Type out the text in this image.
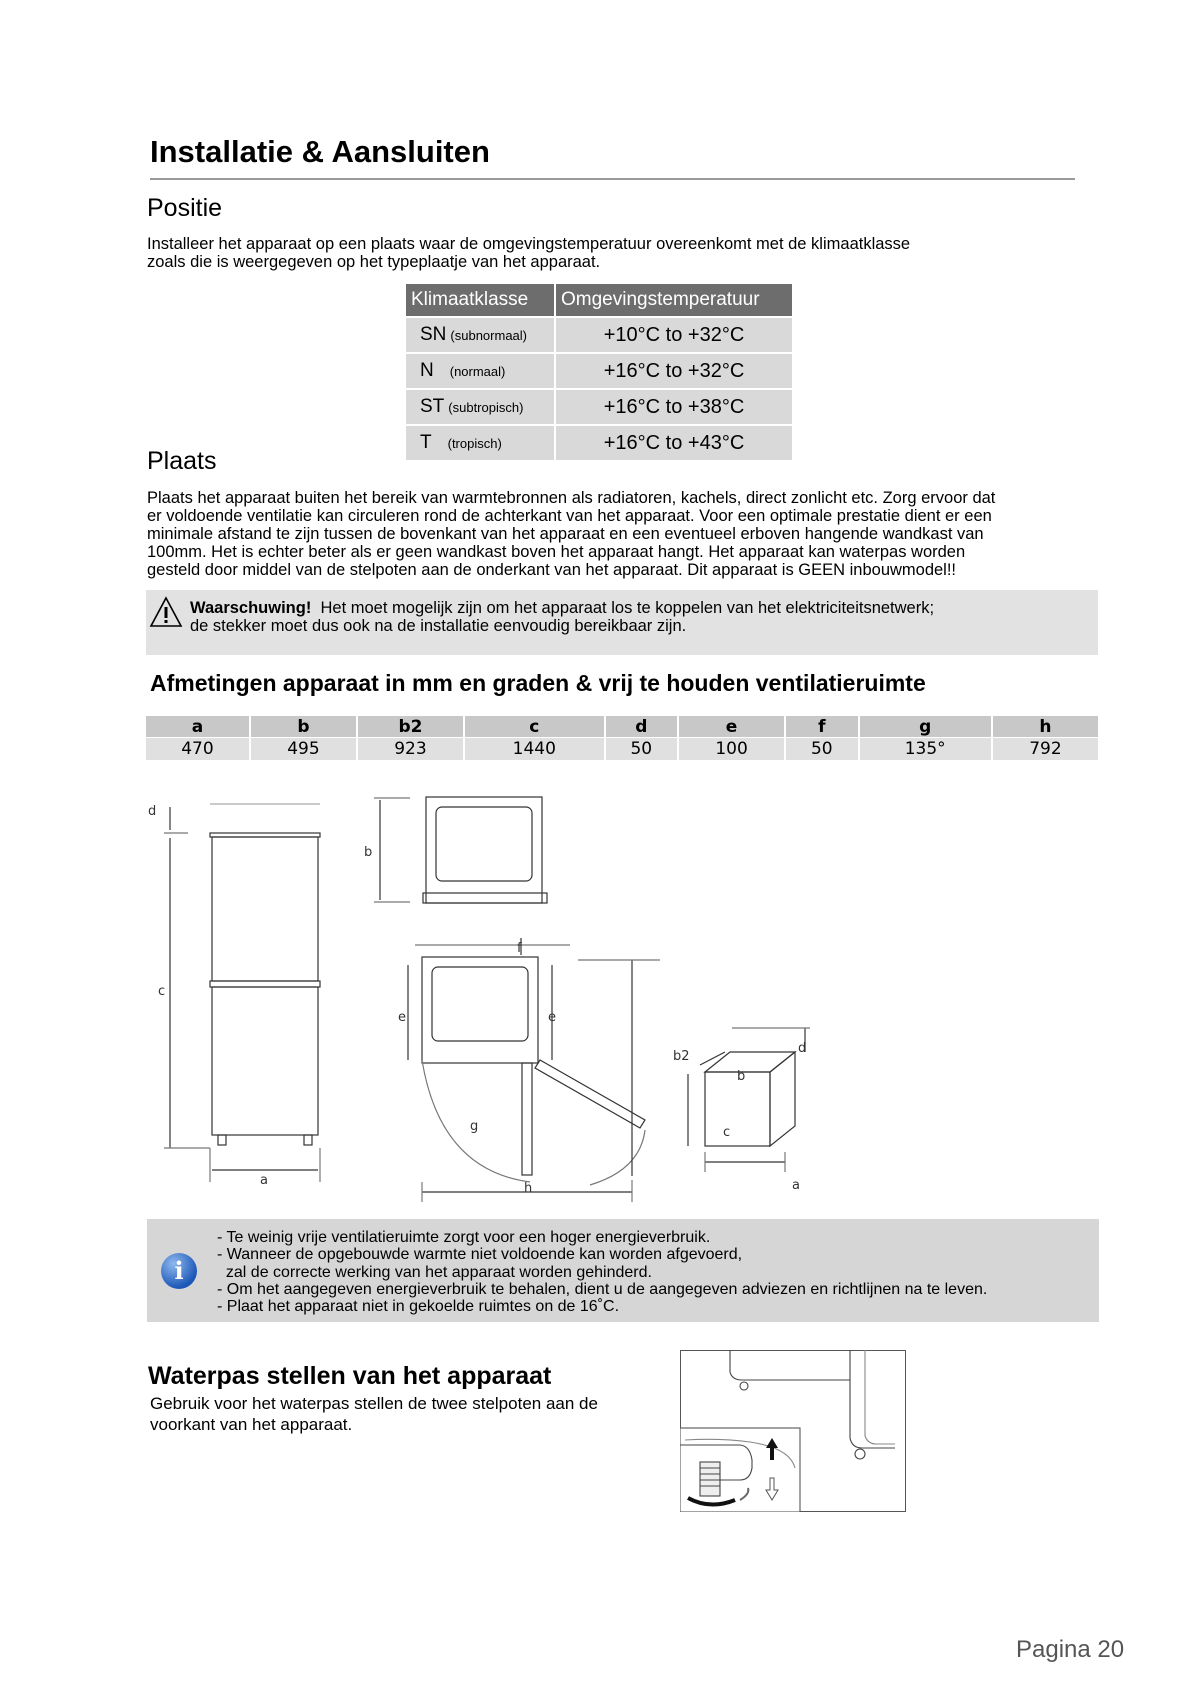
Installatie & Aansluiten
Positie
Installeer het apparaat op een plaats waar de omgevingstemperatuur overeenkomt met de klimaatklasse
zoals die is weergegeven op het typeplaatje van het apparaat.
Klimaatklasse	Omgevingstemperatuur
SN (subnormaal)	+10°C to +32°C
N (normaal)	+16°C to +32°C
ST (subtropisch)	+16°C to +38°C
T (tropisch)	+16°C to +43°C
Plaats
Plaats het apparaat buiten het bereik van warmtebronnen als radiatoren, kachels, direct zonlicht etc. Zorg ervoor dat
er voldoende ventilatie kan circuleren rond de achterkant van het apparaat. Voor een optimale prestatie dient er een
minimale afstand te zijn tussen de bovenkant van het apparaat en een eventueel erboven hangende wandkast van
100mm. Het is echter beter als er geen wandkast boven het apparaat hangt. Het apparaat kan waterpas worden
gesteld door middel van de stelpoten aan de onderkant van het apparaat. Dit apparaat is GEEN inbouwmodel!!
Waarschuwing! Het moet mogelijk zijn om het apparaat los te koppelen van het elektriciteitsnetwerk;
de stekker moet dus ook na de installatie eenvoudig bereikbaar zijn.
Afmetingen apparaat in mm en graden & vrij te houden ventilatieruimte
a	b	b2	c	d	e	f	g	h
470	495	923	1440	50	100	50	135°	792
d
c
a
b
f
e	e
b2
g
h
d
b
c
a
i
- Te weinig vrije ventilatieruimte zorgt voor een hoger energieverbruik.
- Wanneer de opgebouwde warmte niet voldoende kan worden afgevoerd,
zal de correcte werking van het apparaat worden gehinderd.
- Om het aangegeven energieverbruik te behalen, dient u de aangegeven adviezen en richtlijnen na te leven.
- Plaat het apparaat niet in gekoelde ruimtes on de 16˚C.
Waterpas stellen van het apparaat
Gebruik voor het waterpas stellen de twee stelpoten aan de
voorkant van het apparaat.
Pagina 20
